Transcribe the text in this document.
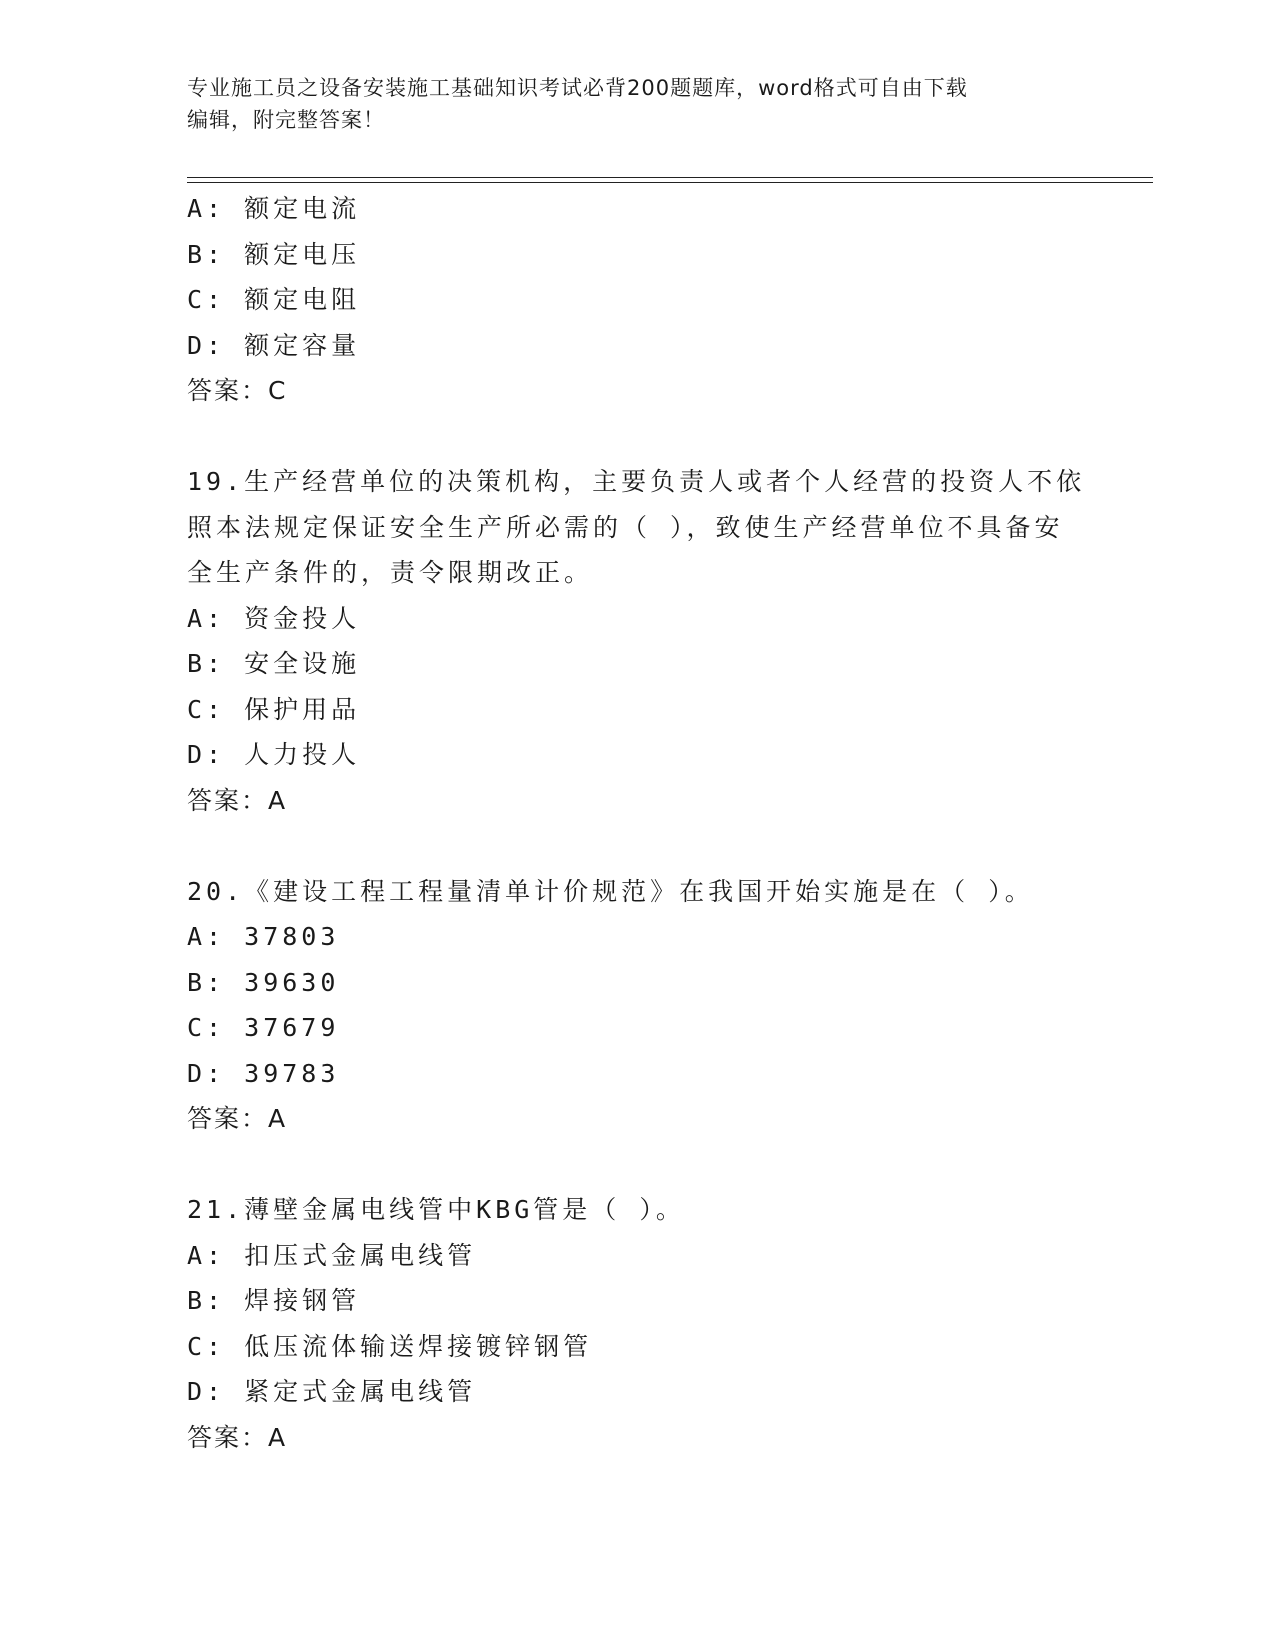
专业施工员之设备安装施工基础知识考试必背200题题库，word格式可自由下载
编辑，附完整答案！
A: 额定电流
B: 额定电压
C: 额定电阻
D: 额定容量
答案：C
19.生产经营单位的决策机构，主要负责人或者个人经营的投资人不依
照本法规定保证安全生产所必需的（ ），致使生产经营单位不具备安
全生产条件的，责令限期改正。
A: 资金投人
B: 安全设施
C: 保护用品
D: 人力投人
答案：A
20.《建设工程工程量清单计价规范》在我国开始实施是在（ ）。
A: 37803
B: 39630
C: 37679
D: 39783
答案：A
21.薄壁金属电线管中KBG管是（ ）。
A: 扣压式金属电线管
B: 焊接钢管
C: 低压流体输送焊接镀锌钢管
D: 紧定式金属电线管
答案：A
